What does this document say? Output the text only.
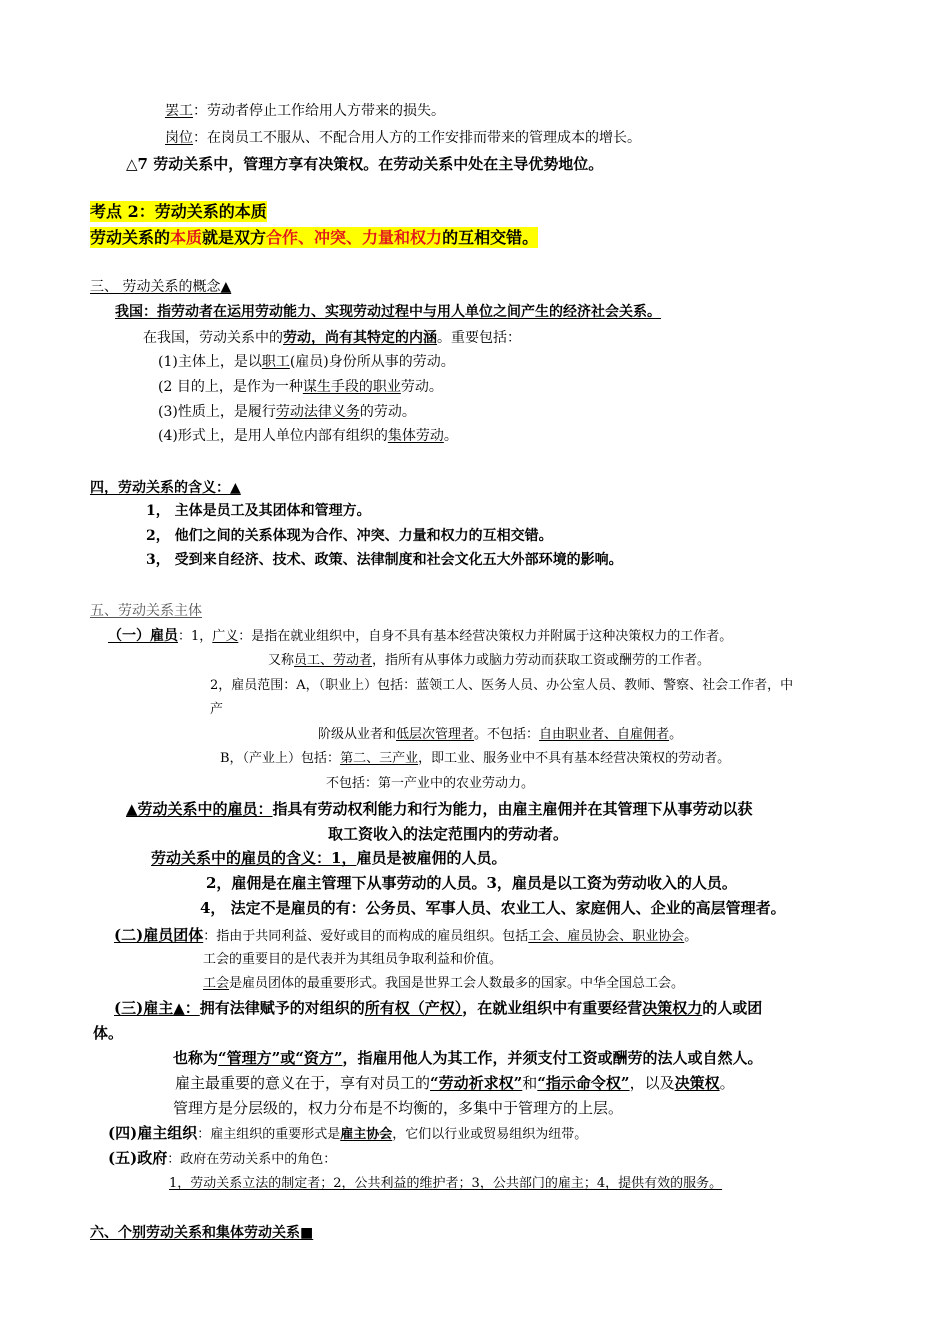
罢工：劳动者停止工作给用人方带来的损失。
岗位：在岗员工不服从、不配合用人方的工作安排而带来的管理成本的增长。
△7 劳动关系中，管理方享有决策权。在劳动关系中处在主导优势地位。
考点 2：劳动关系的本质
劳动关系的本质就是双方合作、冲突、力量和权力的互相交错。
三、 劳动关系的概念▲
我国：指劳动者在运用劳动能力、实现劳动过程中与用人单位之间产生的经济社会关系。
在我国，劳动关系中的劳动，尚有其特定的内涵。重要包括：
(1)主体上，是以职工(雇员)身份所从事的劳动。
(2 目的上，是作为一种谋生手段的职业劳动。
(3)性质上，是履行劳动法律义务的劳动。
(4)形式上，是用人单位内部有组织的集体劳动。
四，劳动关系的含义：▲
1， 主体是员工及其团体和管理方。
2， 他们之间的关系体现为合作、冲突、力量和权力的互相交错。
3， 受到来自经济、技术、政策、法律制度和社会文化五大外部环境的影响。
五、劳动关系主体
（一）雇员：1，广义：是指在就业组织中，自身不具有基本经营决策权力并附属于这种决策权力的工作者。
又称员工、劳动者，指所有从事体力或脑力劳动而获取工资或酬劳的工作者。
2，雇员范围：A，（职业上）包括：蓝领工人、医务人员、办公室人员、教师、警察、社会工作者，中
产
阶级从业者和低层次管理者。不包括：自由职业者、自雇佣者。
B，（产业上）包括：第二、三产业，即工业、服务业中不具有基本经营决策权的劳动者。
不包括：第一产业中的农业劳动力。
▲劳动关系中的雇员：指具有劳动权利能力和行为能力，由雇主雇佣并在其管理下从事劳动以获
取工资收入的法定范围内的劳动者。
劳动关系中的雇员的含义：1，雇员是被雇佣的人员。
2，雇佣是在雇主管理下从事劳动的人员。3，雇员是以工资为劳动收入的人员。
4， 法定不是雇员的有：公务员、军事人员、农业工人、家庭佣人、企业的高层管理者。
(二)雇员团体：指由于共同利益、爱好或目的而构成的雇员组织。包括工会、雇员协会、职业协会。
工会的重要目的是代表并为其组员争取利益和价值。
工会是雇员团体的最重要形式。我国是世界工会人数最多的国家。中华全国总工会。
(三)雇主▲：拥有法律赋予的对组织的所有权（产权），在就业组织中有重要经营决策权力的人或团
体。
也称为“管理方”或“资方”，指雇用他人为其工作，并须支付工资或酬劳的法人或自然人。
雇主最重要的意义在于，享有对员工的“劳动祈求权”和“指示命令权”，以及决策权。
管理方是分层级的，权力分布是不均衡的，多集中于管理方的上层。
(四)雇主组织：雇主组织的重要形式是雇主协会，它们以行业或贸易组织为纽带。
(五)政府：政府在劳动关系中的角色：
1，劳动关系立法的制定者；2，公共利益的维护者；3，公共部门的雇主；4，提供有效的服务。
六、个别劳动关系和集体劳动关系■
